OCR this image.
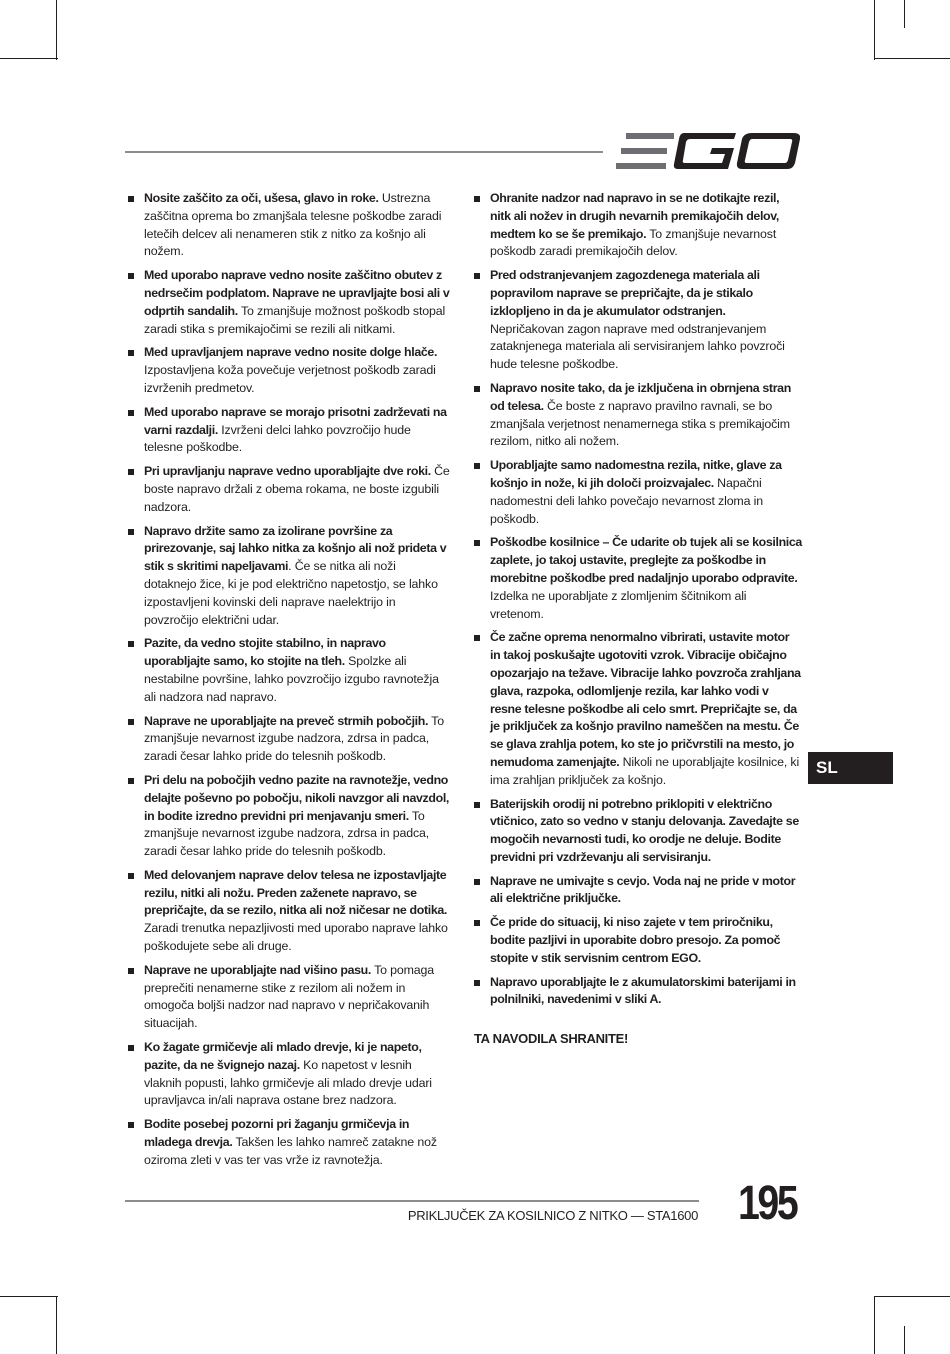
Nosite zaščito za oči, ušesa, glavo in roke. Ustrezna zaščitna oprema bo zmanjšala telesne poškodbe zaradi letečih delcev ali nenameren stik z nitko za košnjo ali nožem.
Med uporabo naprave vedno nosite zaščitno obutev z nedrsečim podplatom. Naprave ne upravljajte bosi ali v odprtih sandalih. To zmanjšuje možnost poškodb stopal zaradi stika s premikajočimi se rezili ali nitkami.
Med upravljanjem naprave vedno nosite dolge hlače. Izpostavljena koža povečuje verjetnost poškodb zaradi izvrženih predmetov.
Med uporabo naprave se morajo prisotni zadrževati na varni razdalji. Izvrženi delci lahko povzročijo hude telesne poškodbe.
Pri upravljanju naprave vedno uporabljajte dve roki. Če boste napravo držali z obema rokama, ne boste izgubili nadzora.
Napravo držite samo za izolirane površine za prirezovanje, saj lahko nitka za košnjo ali nož prideta v stik s skritimi napeljavami. Če se nitka ali noži dotaknejo žice, ki je pod električno napetostjo, se lahko izpostavljeni kovinski deli naprave naelektrijo in povzročijo električni udar.
Pazite, da vedno stojite stabilno, in napravo uporabljajte samo, ko stojite na tleh. Spolzke ali nestabilne površine, lahko povzročijo izgubo ravnotežja ali nadzora nad napravo.
Naprave ne uporabljajte na preveč strmih pobočjih. To zmanjšuje nevarnost izgube nadzora, zdrsa in padca, zaradi česar lahko pride do telesnih poškodb.
Pri delu na pobočjih vedno pazite na ravnotežje, vedno delajte poševno po pobočju, nikoli navzgor ali navzdol, in bodite izredno previdni pri menjavanju smeri. To zmanjšuje nevarnost izgube nadzora, zdrsa in padca, zaradi česar lahko pride do telesnih poškodb.
Med delovanjem naprave delov telesa ne izpostavljajte rezilu, nitki ali nožu. Preden zaženete napravo, se prepričajte, da se rezilo, nitka ali nož ničesar ne dotika. Zaradi trenutka nepazljivosti med uporabo naprave lahko poškodujete sebe ali druge.
Naprave ne uporabljajte nad višino pasu. To pomaga preprečiti nenamerne stike z rezilom ali nožem in omogoča boljši nadzor nad napravo v nepričakovanih situacijah.
Ko žagate grmičevje ali mlado drevje, ki je napeto, pazite, da ne švignejo nazaj. Ko napetost v lesnih vlaknih popusti, lahko grmičevje ali mlado drevje udari upravljavca in/ali naprava ostane brez nadzora.
Bodite posebej pozorni pri žaganju grmičevja in mladega drevja. Takšen les lahko namreč zatakne nož oziroma zleti v vas ter vas vrže iz ravnotežja.
Ohranite nadzor nad napravo in se ne dotikajte rezil, nitk ali nožev in drugih nevarnih premikajočih delov, medtem ko se še premikajo. To zmanjšuje nevarnost poškodb zaradi premikajočih delov.
Pred odstranjevanjem zagozdenega materiala ali popravilom naprave se prepričajte, da je stikalo izklopljeno in da je akumulator odstranjen. Nepričakovan zagon naprave med odstranjevanjem zataknjenega materiala ali servisiranjem lahko povzroči hude telesne poškodbe.
Napravo nosite tako, da je izključena in obrnjena stran od telesa. Če boste z napravo pravilno ravnali, se bo zmanjšala verjetnost nenamernega stika s premikajočim rezilom, nitko ali nožem.
Uporabljajte samo nadomestna rezila, nitke, glave za košnjo in nože, ki jih določi proizvajalec. Napačni nadomestni deli lahko povečajo nevarnost zloma in poškodb.
Poškodbe kosilnice – Če udarite ob tujek ali se kosilnica zaplete, jo takoj ustavite, preglejte za poškodbe in morebitne poškodbe pred nadaljnjo uporabo odpravite. Izdelka ne uporabljate z zlomljenim ščitnikom ali vretenom.
Če začne oprema nenormalno vibrirati, ustavite motor in takoj poskušajte ugotoviti vzrok. Vibracije običajno opozarjajo na težave. Vibracije lahko povzroča zrahljana glava, razpoka, odlomljenje rezila, kar lahko vodi v resne telesne poškodbe ali celo smrt. Prepričajte se, da je priključek za košnjo pravilno nameščen na mestu. Če se glava zrahlja potem, ko ste jo pričvrstili na mesto, jo nemudoma zamenjajte. Nikoli ne uporabljajte kosilnice, ki ima zrahljan priključek za košnjo.
Baterijskih orodij ni potrebno priklopiti v električno vtičnico, zato so vedno v stanju delovanja. Zavedajte se mogočih nevarnosti tudi, ko orodje ne deluje. Bodite previdni pri vzdrževanju ali servisiranju.
Naprave ne umivajte s cevjo. Voda naj ne pride v motor ali električne priključke.
Če pride do situacij, ki niso zajete v tem priročniku, bodite pazljivi in uporabite dobro presojo. Za pomoč stopite v stik servisnim centrom EGO.
Napravo uporabljajte le z akumulatorskimi baterijami in polnilniki, navedenimi v sliki A.
TA NAVODILA SHRANITE!
SL
PRIKLJUČEK ZA KOSILNICO Z NITKO — STA1600 195
